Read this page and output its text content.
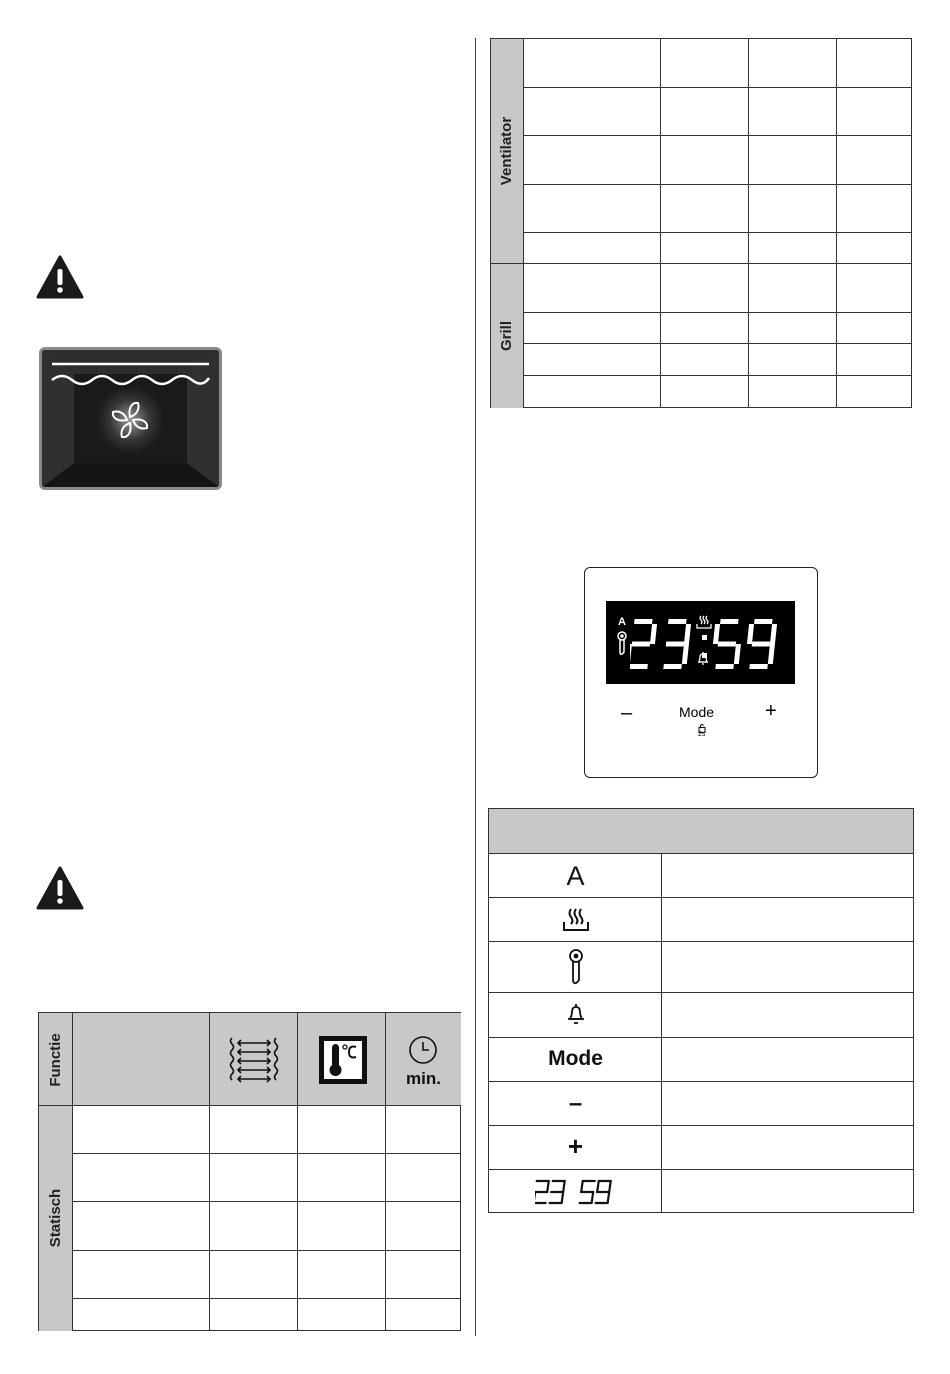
Functie	min.
Statisch
Ventilator
Grill
A
–	Mode
2s
+
A
Mode
–
+
